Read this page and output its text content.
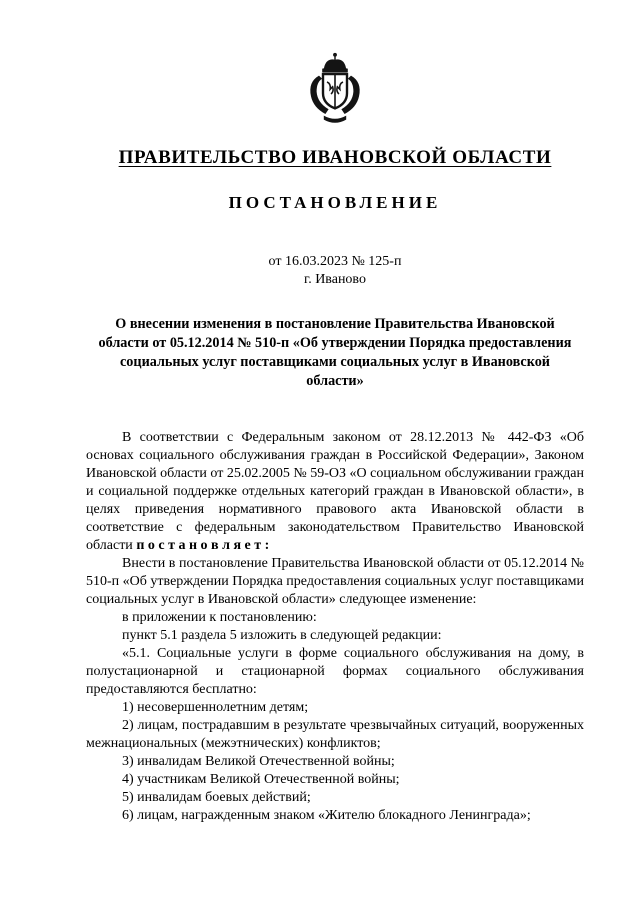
ПРАВИТЕЛЬСТВО ИВАНОВСКОЙ ОБЛАСТИ
ПОСТАНОВЛЕНИЕ
от 16.03.2023 № 125-п
г. Иваново
О внесении изменения в постановление Правительства Ивановской области от 05.12.2014 № 510-п «Об утверждении Порядка предоставления социальных услуг поставщиками социальных услуг в Ивановской области»

В соответствии с Федеральным законом от 28.12.2013 № 442-ФЗ «Об основах социального обслуживания граждан в Российской Федерации», Законом Ивановской области от 25.02.2005 № 59-ОЗ «О социальном обслуживании граждан и социальной поддержке отдельных категорий граждан в Ивановской области», в целях приведения нормативного правового акта Ивановской области в соответствие с федеральным законодательством Правительство Ивановской области п о с т а н о в л я е т :

Внести в постановление Правительства Ивановской области от 05.12.2014 № 510-п «Об утверждении Порядка предоставления социальных услуг поставщиками социальных услуг в Ивановской области» следующее изменение:

в приложении к постановлению:

пункт 5.1 раздела 5 изложить в следующей редакции:

«5.1. Социальные услуги в форме социального обслуживания на дому, в полустационарной и стационарной формах социального обслуживания предоставляются бесплатно:

1) несовершеннолетним детям;

2) лицам, пострадавшим в результате чрезвычайных ситуаций, вооруженных межнациональных (межэтнических) конфликтов;

3) инвалидам Великой Отечественной войны;

4) участникам Великой Отечественной войны;

5) инвалидам боевых действий;

6) лицам, награжденным знаком «Жителю блокадного Ленинграда»;
